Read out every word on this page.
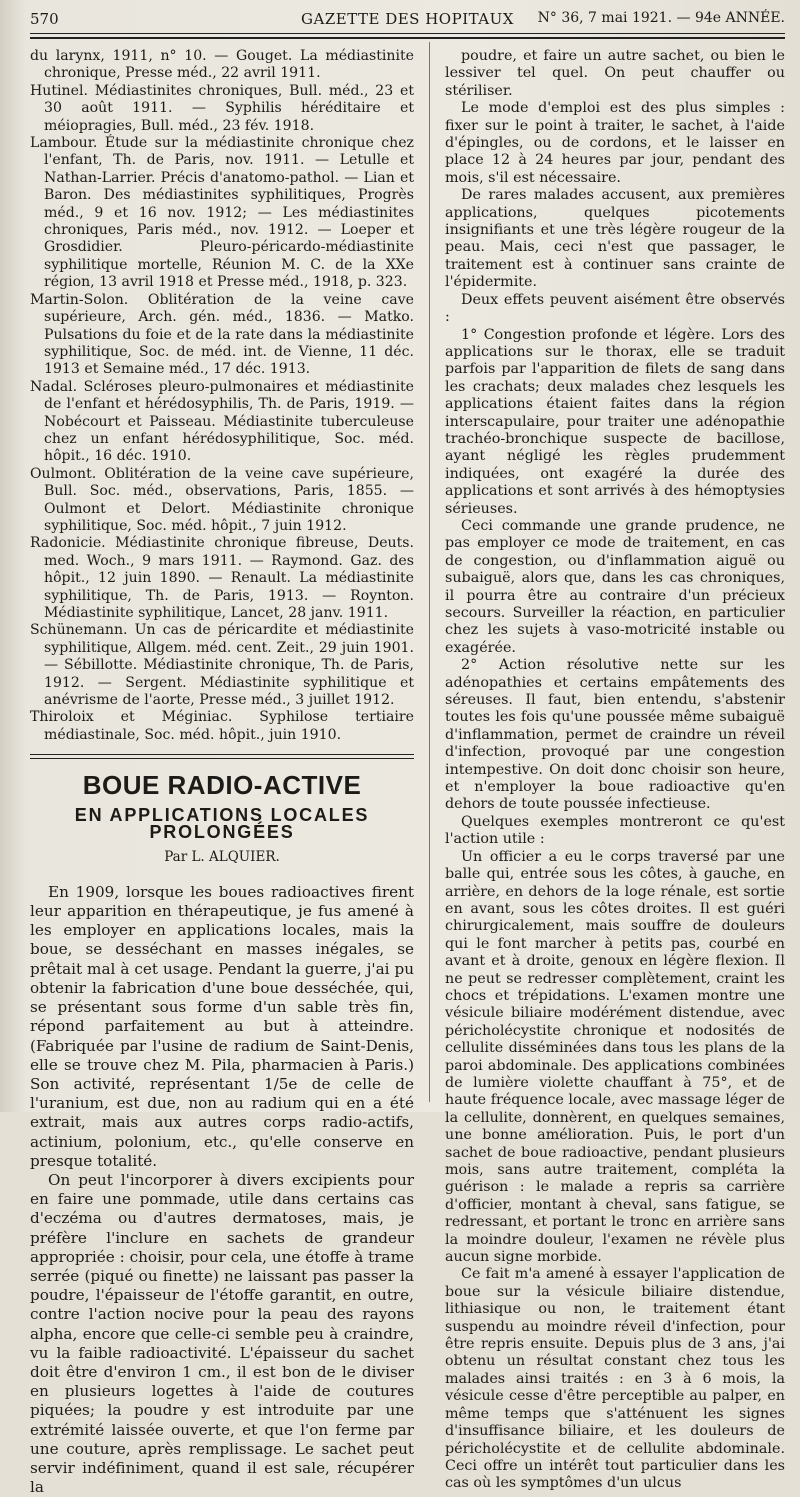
570	GAZETTE DES HOPITAUX	N° 36, 7 mai 1921. — 94e ANNÉE.

du larynx, 1911, n° 10. — Gouget. La médiastinite chronique, Presse méd., 22 avril 1911.

Hutinel. Médiastinites chroniques, Bull. méd., 23 et 30 août 1911. — Syphilis héréditaire et méiopragies, Bull. méd., 23 fév. 1918.

Lambour. Étude sur la médiastinite chronique chez l'enfant, Th. de Paris, nov. 1911. — Letulle et Nathan-Larrier. Précis d'anatomo-pathol. — Lian et Baron. Des médiastinites syphilitiques, Progrès méd., 9 et 16 nov. 1912; — Les médiastinites chroniques, Paris méd., nov. 1912. — Loeper et Grosdidier. Pleuro-péricardo-médiastinite syphilitique mortelle, Réunion M. C. de la XXe région, 13 avril 1918 et Presse méd., 1918, p. 323.

Martin-Solon. Oblitération de la veine cave supérieure, Arch. gén. méd., 1836. — Matko. Pulsations du foie et de la rate dans la médiastinite syphilitique, Soc. de méd. int. de Vienne, 11 déc. 1913 et Semaine méd., 17 déc. 1913.

Nadal. Scléroses pleuro-pulmonaires et médiastinite de l'enfant et hérédosyphilis, Th. de Paris, 1919. — Nobécourt et Paisseau. Médiastinite tuberculeuse chez un enfant hérédosyphilitique, Soc. méd. hôpit., 16 déc. 1910.

Oulmont. Oblitération de la veine cave supérieure, Bull. Soc. méd., observations, Paris, 1855. — Oulmont et Delort. Médiastinite chronique syphilitique, Soc. méd. hôpit., 7 juin 1912.

Radonicie. Médiastinite chronique fibreuse, Deuts. med. Woch., 9 mars 1911. — Raymond. Gaz. des hôpit., 12 juin 1890. — Renault. La médiastinite syphilitique, Th. de Paris, 1913. — Roynton. Médiastinite syphilitique, Lancet, 28 janv. 1911.

Schünemann. Un cas de péricardite et médiastinite syphilitique, Allgem. méd. cent. Zeit., 29 juin 1901. — Sébillotte. Médiastinite chronique, Th. de Paris, 1912. — Sergent. Médiastinite syphilitique et anévrisme de l'aorte, Presse méd., 3 juillet 1912.

Thiroloix et Méginiac. Syphilose tertiaire médiastinale, Soc. méd. hôpit., juin 1910.

BOUE RADIO-ACTIVE
EN APPLICATIONS LOCALES PROLONGÉES
Par L. ALQUIER.

En 1909, lorsque les boues radioactives firent leur apparition en thérapeutique, je fus amené à les employer en applications locales, mais la boue, se desséchant en masses inégales, se prêtait mal à cet usage. Pendant la guerre, j'ai pu obtenir la fabrication d'une boue desséchée, qui, se présentant sous forme d'un sable très fin, répond parfaitement au but à atteindre. (Fabriquée par l'usine de radium de Saint-Denis, elle se trouve chez M. Pila, pharmacien à Paris.) Son activité, représentant 1/5e de celle de l'uranium, est due, non au radium qui en a été extrait, mais aux autres corps radio-actifs, actinium, polonium, etc., qu'elle conserve en presque totalité.

On peut l'incorporer à divers excipients pour en faire une pommade, utile dans certains cas d'eczéma ou d'autres dermatoses, mais, je préfère l'inclure en sachets de grandeur appropriée : choisir, pour cela, une étoffe à trame serrée (piqué ou finette) ne laissant pas passer la poudre, l'épaisseur de l'étoffe garantit, en outre, contre l'action nocive pour la peau des rayons alpha, encore que celle-ci semble peu à craindre, vu la faible radioactivité. L'épaisseur du sachet doit être d'environ 1 cm., il est bon de le diviser en plusieurs logettes à l'aide de coutures piquées; la poudre y est introduite par une extrémité laissée ouverte, et que l'on ferme par une couture, après remplissage. Le sachet peut servir indéfiniment, quand il est sale, récupérer la

poudre, et faire un autre sachet, ou bien le lessiver tel quel. On peut chauffer ou stériliser.

Le mode d'emploi est des plus simples : fixer sur le point à traiter, le sachet, à l'aide d'épingles, ou de cordons, et le laisser en place 12 à 24 heures par jour, pendant des mois, s'il est nécessaire.

De rares malades accusent, aux premières applications, quelques picotements insignifiants et une très légère rougeur de la peau. Mais, ceci n'est que passager, le traitement est à continuer sans crainte de l'épidermite.

Deux effets peuvent aisément être observés :

1° Congestion profonde et légère. Lors des applications sur le thorax, elle se traduit parfois par l'apparition de filets de sang dans les crachats; deux malades chez lesquels les applications étaient faites dans la région interscapulaire, pour traiter une adénopathie trachéo-bronchique suspecte de bacillose, ayant négligé les règles prudemment indiquées, ont exagéré la durée des applications et sont arrivés à des hémoptysies sérieuses.

Ceci commande une grande prudence, ne pas employer ce mode de traitement, en cas de congestion, ou d'inflammation aiguë ou subaiguë, alors que, dans les cas chroniques, il pourra être au contraire d'un précieux secours. Surveiller la réaction, en particulier chez les sujets à vaso-motricité instable ou exagérée.

2° Action résolutive nette sur les adénopathies et certains empâtements des séreuses. Il faut, bien entendu, s'abstenir toutes les fois qu'une poussée même subaiguë d'inflammation, permet de craindre un réveil d'infection, provoqué par une congestion intempestive. On doit donc choisir son heure, et n'employer la boue radioactive qu'en dehors de toute poussée infectieuse.

Quelques exemples montreront ce qu'est l'action utile :

Un officier a eu le corps traversé par une balle qui, entrée sous les côtes, à gauche, en arrière, en dehors de la loge rénale, est sortie en avant, sous les côtes droites. Il est guéri chirurgicalement, mais souffre de douleurs qui le font marcher à petits pas, courbé en avant et à droite, genoux en légère flexion. Il ne peut se redresser complètement, craint les chocs et trépidations. L'examen montre une vésicule biliaire modérément distendue, avec péricholécystite chronique et nodosités de cellulite disséminées dans tous les plans de la paroi abdominale. Des applications combinées de lumière violette chauffant à 75°, et de haute fréquence locale, avec massage léger de la cellulite, donnèrent, en quelques semaines, une bonne amélioration. Puis, le port d'un sachet de boue radioactive, pendant plusieurs mois, sans autre traitement, compléta la guérison : le malade a repris sa carrière d'officier, montant à cheval, sans fatigue, se redressant, et portant le tronc en arrière sans la moindre douleur, l'examen ne révèle plus aucun signe morbide.

Ce fait m'a amené à essayer l'application de boue sur la vésicule biliaire distendue, lithiasique ou non, le traitement étant suspendu au moindre réveil d'infection, pour être repris ensuite. Depuis plus de 3 ans, j'ai obtenu un résultat constant chez tous les malades ainsi traités : en 3 à 6 mois, la vésicule cesse d'être perceptible au palper, en même temps que s'atténuent les signes d'insuffisance biliaire, et les douleurs de péricholécystite et de cellulite abdominale. Ceci offre un intérêt tout particulier dans les cas où les symptômes d'un ulcus
